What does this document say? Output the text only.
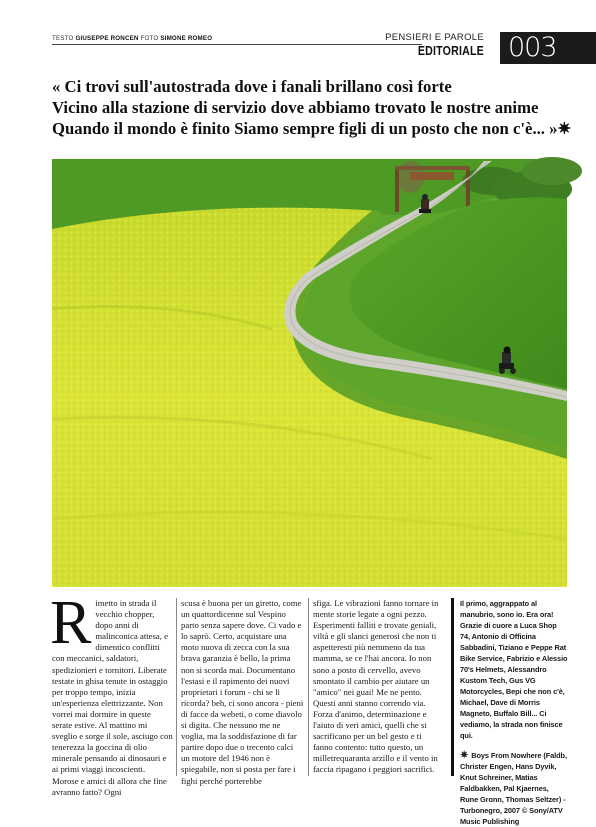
TESTO GIUSEPPE RONCEN FOTO SIMONE ROMEO	PENSIERI E PAROLE
EDITORIALE 003
« Ci trovi sull'autostrada dove i fanali brillano così forte
Vicino alla stazione di servizio dove abbiamo trovato le nostre anime
Quando il mondo è finito Siamo sempre figli di un posto che non c'è... »✷
R imetto in strada il vecchio chopper, dopo anni di malinconica attesa, e dimentico conflitti con meccanici, saldatori, spedizionieri e tornitori. Liberate testate in ghisa tenute in ostaggio per troppo tempo, inizia un'esperienza elettrizzante. Non vorrei mai dormire in queste serate estive. Al mattino mi sveglio e sorge il sole, asciugo con tenerezza la goccina di olio minerale pensando ai dinosauri e ai primi viaggi incoscienti. Morose e amici di allora che fine avranno fatto? Ogni
scusa è buona per un giretto, come un quattordicenne sul Vespino parto senza sapere dove. Ci vado e lo saprò. Certo, acquistare una moto nuova di zecca con la sua brava garanzia è bello, la prima non si scorda mai. Documentano l'estasi e il rapimento dei nuovi proprietari i forum - chi se li ricorda? beh, ci sono ancora - pieni di facce da webeti, o come diavolo si digita. Che nessuno me ne voglia, ma la soddisfazione di far partire dopo due o trecento calci un motore del 1946 non è spiegabile, non si posta per fare i fighi perché porterebbe
sfiga. Le vibrazioni fanno tornare in mente storie legate a ogni pezzo. Esperimenti falliti e trovate geniali, viltà e gli slanci generosi che non ti aspetteresti più nemmeno da tua mamma, se ce l'hai ancora. Io non sono a posto di cervello, avevo smontato il cambio per aiutare un "amico" nei guai! Me ne pento. Questi anni stanno correndo via. Forza d'animo, determinazione e l'aiuto di veri amici, quelli che si sacrificano per un bel gesto e ti fanno contento: tutto questo, un milletrequaranta arzillo e il vento in faccia ripagano i peggiori sacrifici.
Il primo, aggrappato al manubrio, sono io. Era ora! Grazie di cuore a Luca Shop 74, Antonio di Officina Sabbadini, Tiziano e Peppe Rat Bike Service, Fabrizio e Alessio 70's Helmets, Alessandro Kustom Tech, Gus VG Motorcycles, Bepi che non c'è, Michael, Dave di Morris Magneto, Buffalo Bill... Ci vediamo, la strada non finisce qui.
✷ Boys From Nowhere (Faldb, Christer Engen, Hans Dyvik, Knut Schreiner, Matias Faldbakken, Pal Kjaernes, Rune Gronn, Thomas Seltzer) - Turbonegro, 2007 © Sony/ATV Music Publishing
